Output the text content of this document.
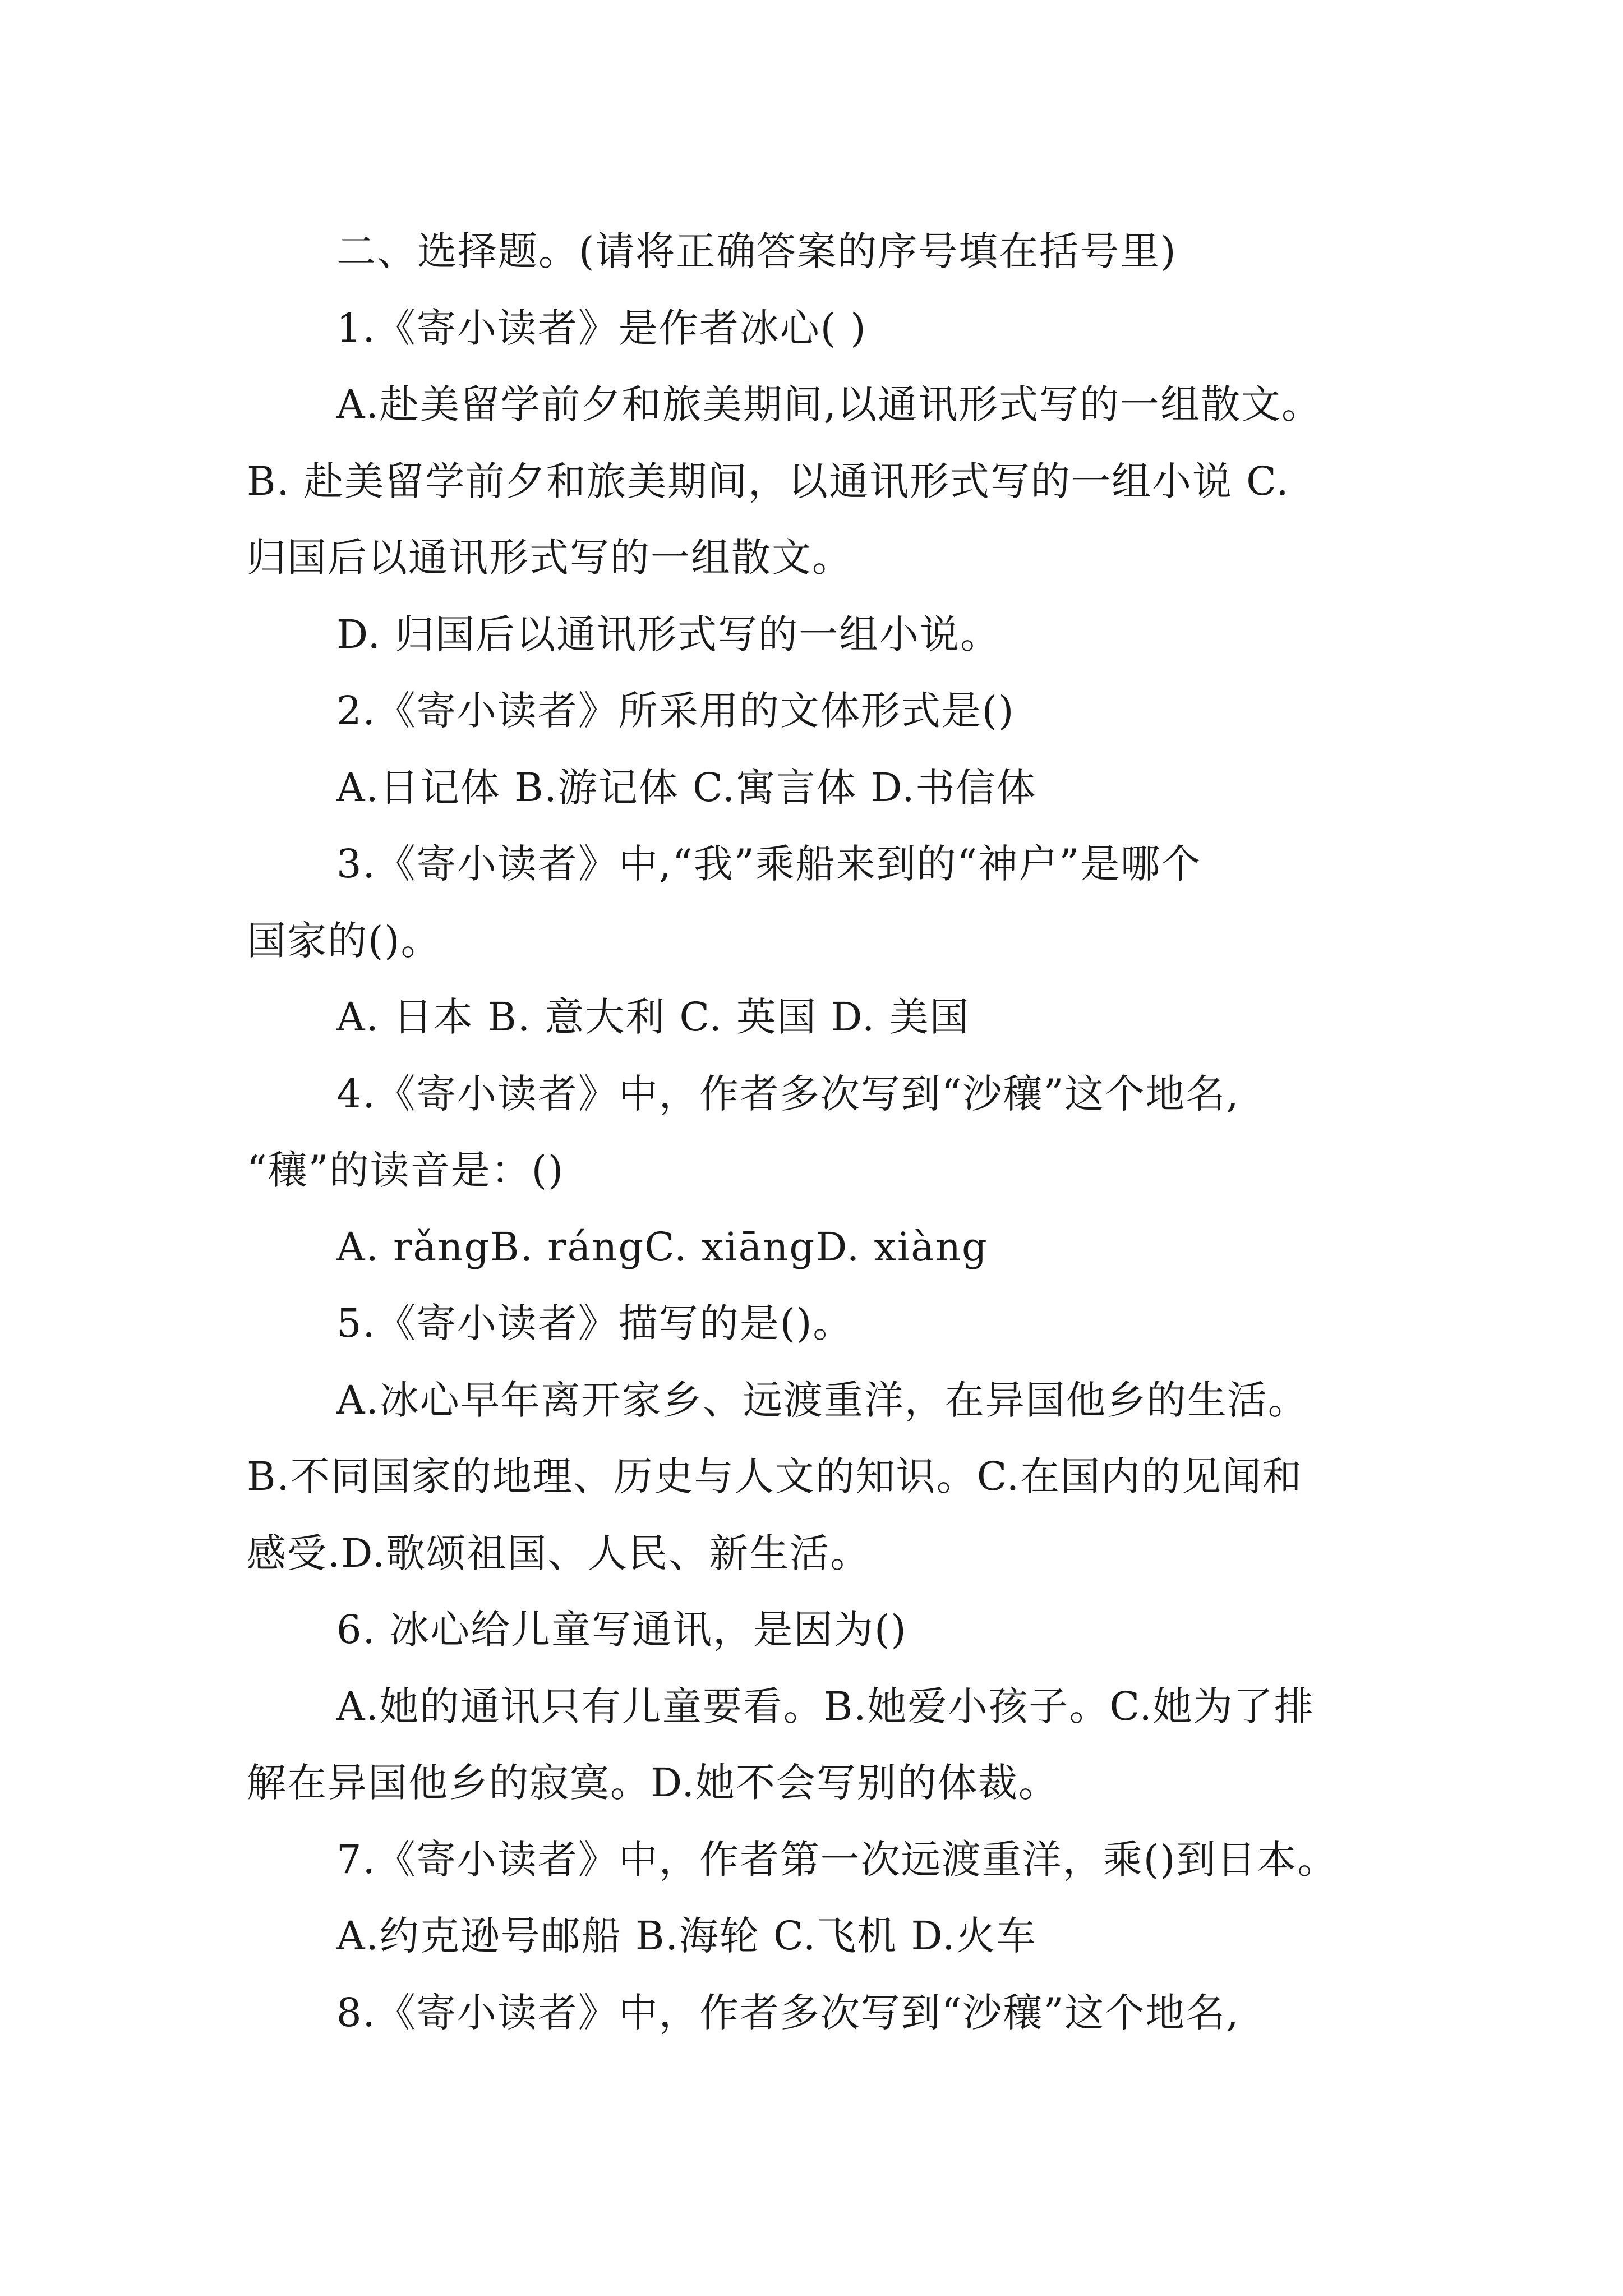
二、选择题。(请将正确答案的序号填在括号里)
1.《寄小读者》是作者冰心( )
A.赴美留学前夕和旅美期间,以通讯形式写的一组散文。
B. 赴美留学前夕和旅美期间，以通讯形式写的一组小说 C.
归国后以通讯形式写的一组散文。
D. 归国后以通讯形式写的一组小说。
2.《寄小读者》所采用的文体形式是()
A.日记体 B.游记体 C.寓言体 D.书信体
3.《寄小读者》中,“我”乘船来到的“神户”是哪个
国家的()。
A. 日本 B. 意大利 C. 英国 D. 美国
4.《寄小读者》中，作者多次写到“沙穰”这个地名,
“穰”的读音是：()
A. rǎngB. rángC. xiāngD. xiàng
5.《寄小读者》描写的是()。
A.冰心早年离开家乡、远渡重洋，在异国他乡的生活。
B.不同国家的地理、历史与人文的知识。C.在国内的见闻和
感受.D.歌颂祖国、人民、新生活。
6. 冰心给儿童写通讯，是因为()
A.她的通讯只有儿童要看。B.她爱小孩子。C.她为了排
解在异国他乡的寂寞。D.她不会写别的体裁。
7.《寄小读者》中，作者第一次远渡重洋，乘()到日本。
A.约克逊号邮船 B.海轮 C.飞机 D.火车
8.《寄小读者》中，作者多次写到“沙穰”这个地名,
